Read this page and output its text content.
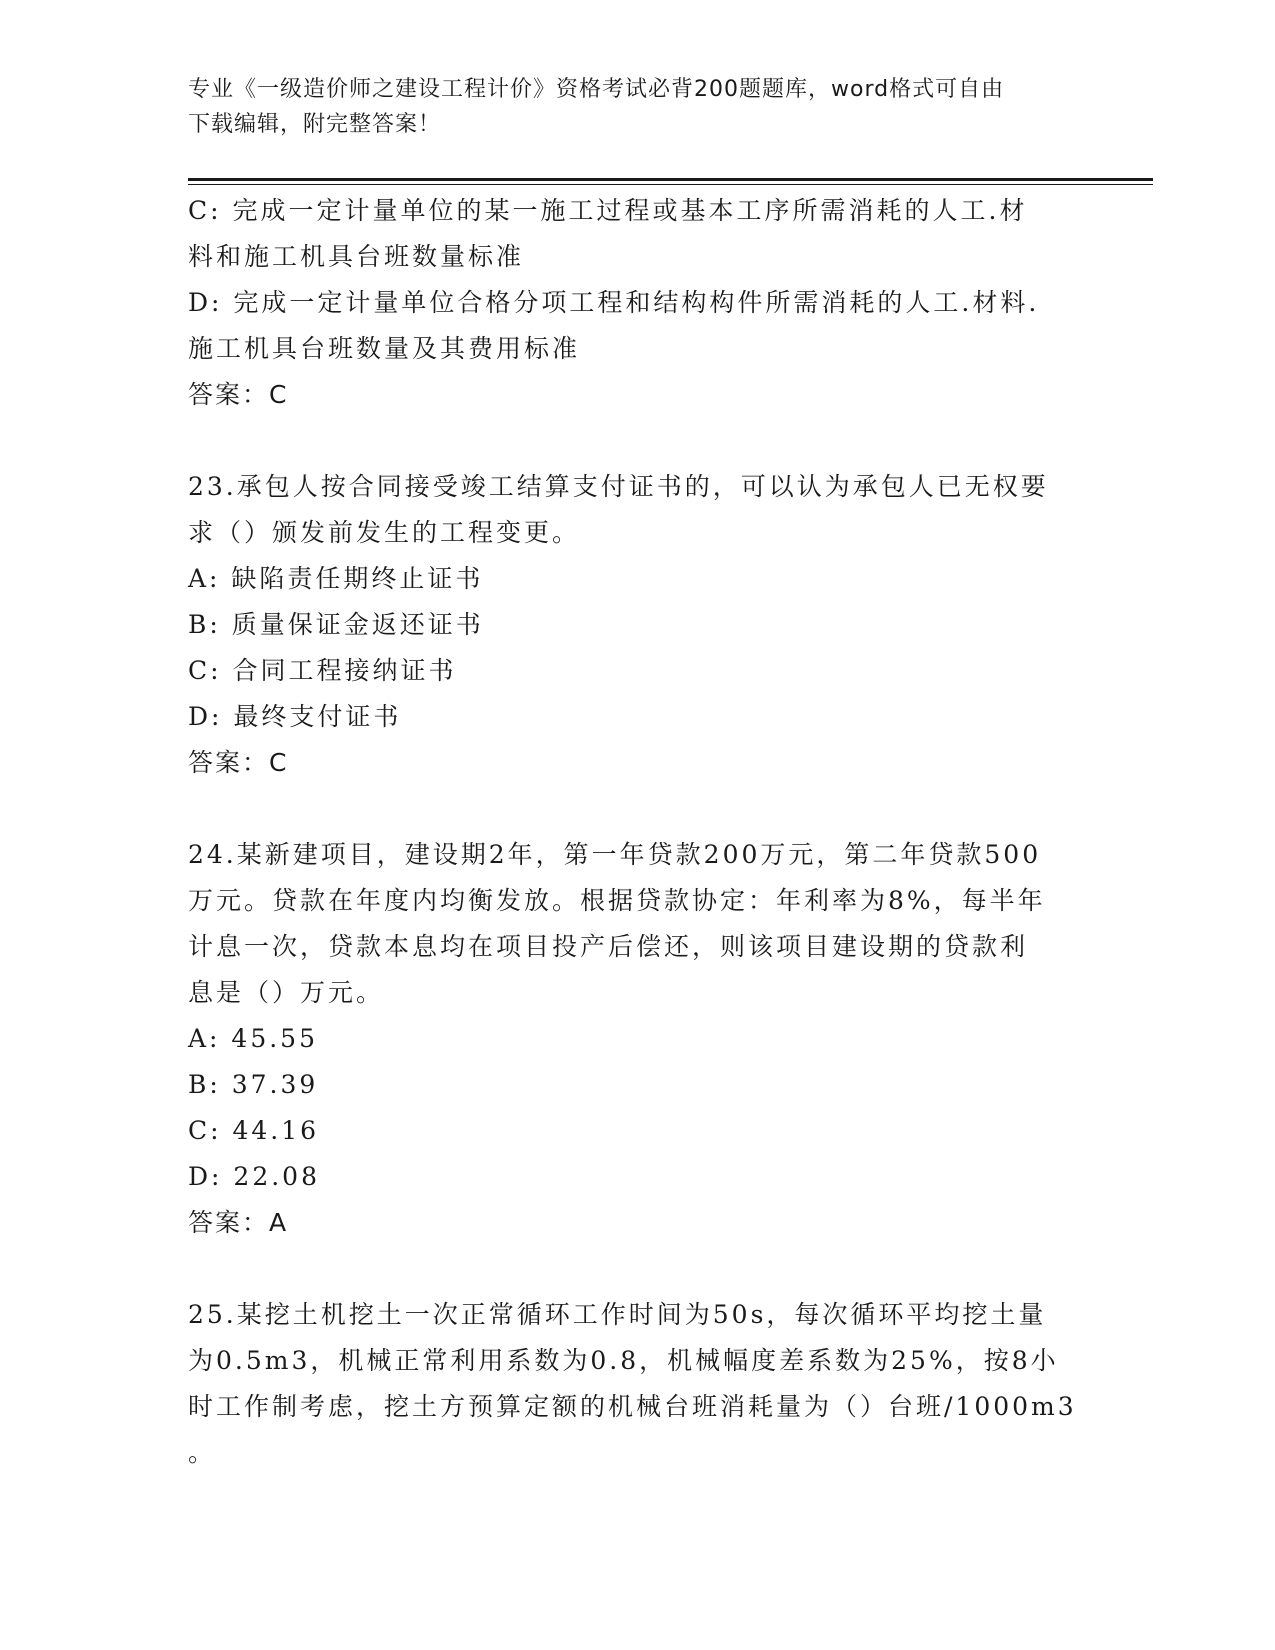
专业《一级造价师之建设工程计价》资格考试必背200题题库，word格式可自由
下载编辑，附完整答案！

C: 完成一定计量单位的某一施工过程或基本工序所需消耗的人工.材

料和施工机具台班数量标准

D: 完成一定计量单位合格分项工程和结构构件所需消耗的人工.材料.

施工机具台班数量及其费用标准

答案：C

23.承包人按合同接受竣工结算支付证书的，可以认为承包人已无权要

求（）颁发前发生的工程变更。

A: 缺陷责任期终止证书

B: 质量保证金返还证书

C: 合同工程接纳证书

D: 最终支付证书

答案：C

24.某新建项目，建设期2年，第一年贷款200万元，第二年贷款500

万元。贷款在年度内均衡发放。根据贷款协定：年利率为8%，每半年

计息一次，贷款本息均在项目投产后偿还，则该项目建设期的贷款利

息是（）万元。

A: 45.55

B: 37.39

C: 44.16

D: 22.08

答案：A

25.某挖土机挖土一次正常循环工作时间为50s，每次循环平均挖土量

为0.5m3，机械正常利用系数为0.8，机械幅度差系数为25%，按8小

时工作制考虑，挖土方预算定额的机械台班消耗量为（）台班/1000m3

。
